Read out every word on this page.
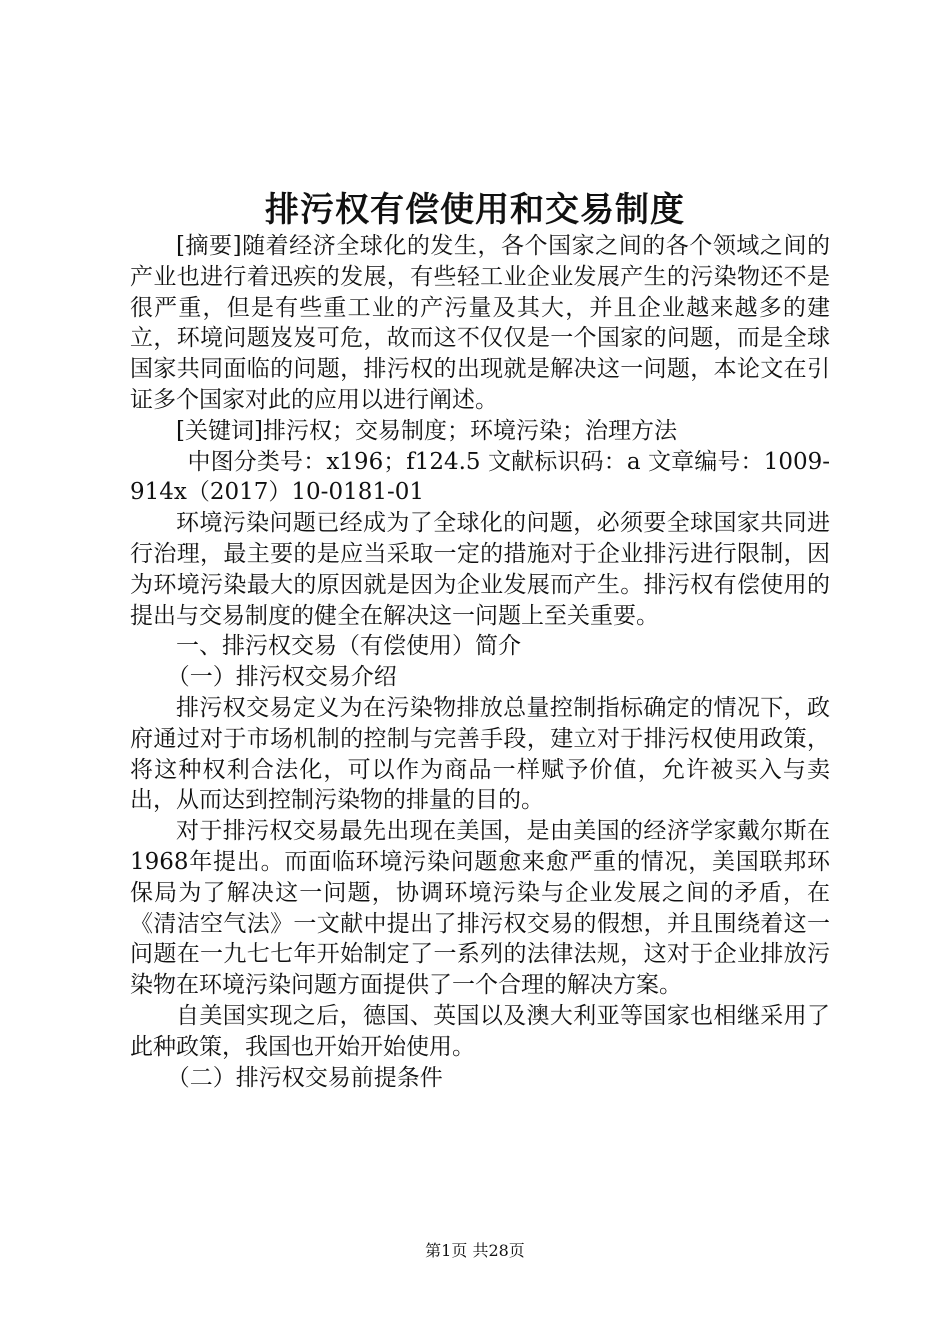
排污权有偿使用和交易制度

[摘要]随着经济全球化的发生，各个国家之间的各个领域之间的产业也进行着迅疾的发展，有些轻工业企业发展产生的污染物还不是很严重，但是有些重工业的产污量及其大，并且企业越来越多的建立，环境问题岌岌可危，故而这不仅仅是一个国家的问题，而是全球国家共同面临的问题，排污权的出现就是解决这一问题，本论文在引证多个国家对此的应用以进行阐述。

[关键词]排污权；交易制度；环境污染；治理方法

中图分类号：x196；f124.5 文献标识码：a 文章编号：1009-914x（2017）10-0181-01

环境污染问题已经成为了全球化的问题，必须要全球国家共同进行治理，最主要的是应当采取一定的措施对于企业排污进行限制，因为环境污染最大的原因就是因为企业发展而产生。排污权有偿使用的提出与交易制度的健全在解决这一问题上至关重要。

一、排污权交易（有偿使用）简介

（一）排污权交易介绍

排污权交易定义为在污染物排放总量控制指标确定的情况下，政府通过对于市场机制的控制与完善手段，建立对于排污权使用政策，将这种权利合法化，可以作为商品一样赋予价值，允许被买入与卖出，从而达到控制污染物的排量的目的。

对于排污权交易最先出现在美国，是由美国的经济学家戴尔斯在1968年提出。而面临环境污染问题愈来愈严重的情况，美国联邦环保局为了解决这一问题，协调环境污染与企业发展之间的矛盾，在《清洁空气法》一文献中提出了排污权交易的假想，并且围绕着这一问题在一九七七年开始制定了一系列的法律法规，这对于企业排放污染物在环境污染问题方面提供了一个合理的解决方案。

自美国实现之后，德国、英国以及澳大利亚等国家也相继采用了此种政策，我国也开始开始使用。

（二）排污权交易前提条件

第1页 共28页
